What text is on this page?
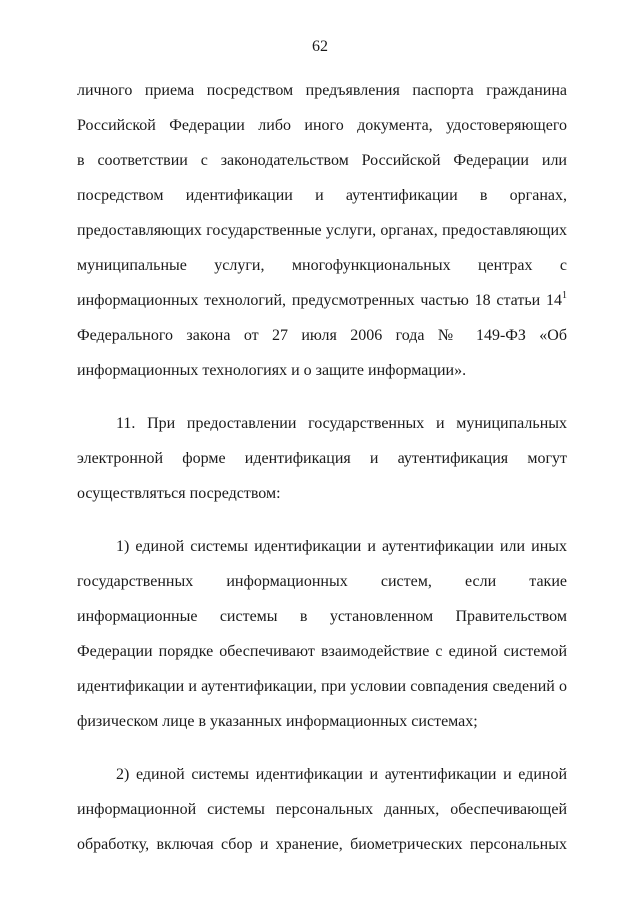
62
личного приема посредством предъявления паспорта гражданина
Российской Федерации либо иного документа, удостоверяющего
в соответствии с законодательством Российской Федерации или
посредством идентификации и аутентификации в органах,
предоставляющих государственные услуги, органах, предоставляющих
муниципальные услуги, многофункциональных центрах с
информационных технологий, предусмотренных частью 18 статьи $14^1$
Федерального закона от 27 июля 2006 года № 149-ФЗ «Об
информационных технологиях и о защите информации».
11. При предоставлении государственных и муниципальных
электронной форме идентификация и аутентификация могут
осуществляться посредством:
1) единой системы идентификации и аутентификации или иных
государственных информационных систем, если такие
информационные системы в установленном Правительством
Федерации порядке обеспечивают взаимодействие с единой системой
идентификации и аутентификации, при условии совпадения сведений о
физическом лице в указанных информационных системах;
2) единой системы идентификации и аутентификации и единой
информационной системы персональных данных, обеспечивающей
обработку, включая сбор и хранение, биометрических персональных
